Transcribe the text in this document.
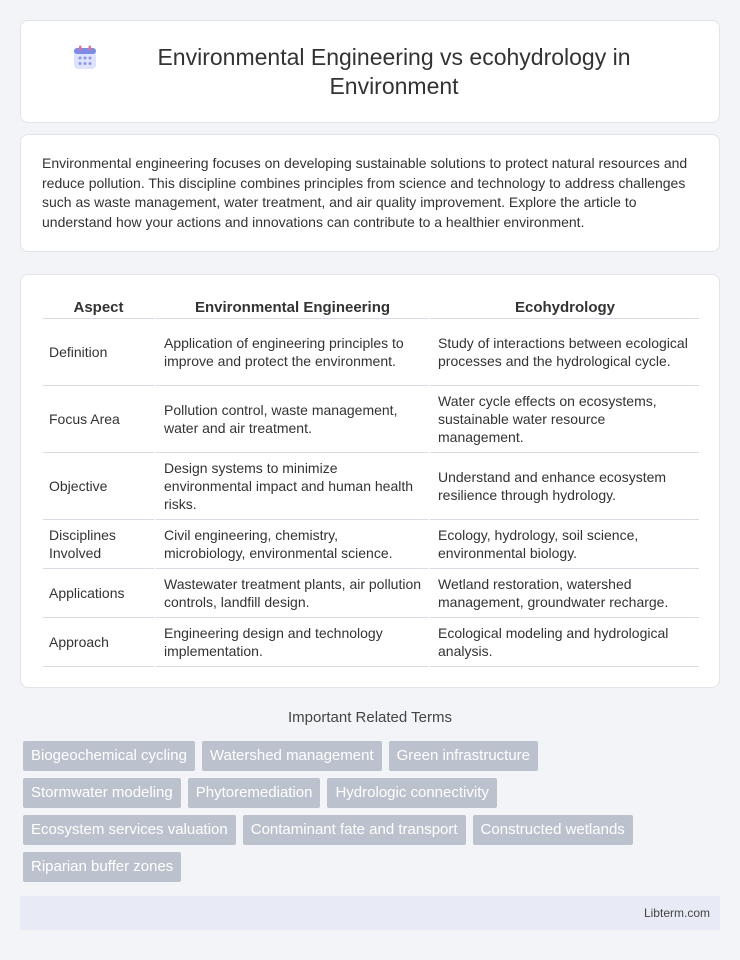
Environmental Engineering vs ecohydrology in Environment

Environmental engineering focuses on developing sustainable solutions to protect natural resources and reduce pollution. This discipline combines principles from science and technology to address challenges such as waste management, water treatment, and air quality improvement. Explore the article to understand how your actions and innovations can contribute to a healthier environment.

Aspect	Environmental Engineering	Ecohydrology
Definition	Application of engineering principles to improve and protect the environment.	Study of interactions between ecological processes and the hydrological cycle.
Focus Area	Pollution control, waste management, water and air treatment.	Water cycle effects on ecosystems, sustainable water resource management.
Objective	Design systems to minimize environmental impact and human health risks.	Understand and enhance ecosystem resilience through hydrology.
Disciplines Involved	Civil engineering, chemistry, microbiology, environmental science.	Ecology, hydrology, soil science, environmental biology.
Applications	Wastewater treatment plants, air pollution controls, landfill design.	Wetland restoration, watershed management, groundwater recharge.
Approach	Engineering design and technology implementation.	Ecological modeling and hydrological analysis.
Important Related Terms
Biogeochemical cycling	Watershed management	Green infrastructure
Stormwater modeling	Phytoremediation	Hydrologic connectivity
Ecosystem services valuation	Contaminant fate and transport	Constructed wetlands
Riparian buffer zones
Libterm.com
